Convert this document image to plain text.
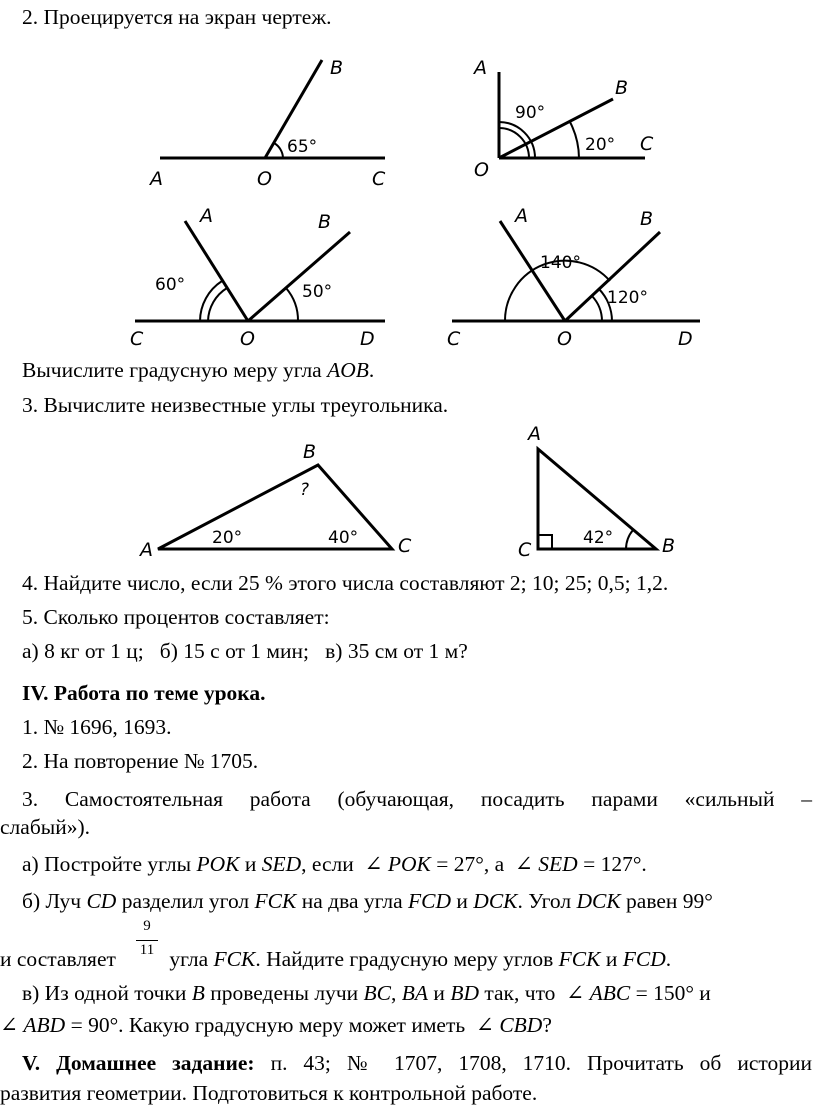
2. Проецируется на экран чертеж.
A	O	C
B
65°
A
B
C
O
90°
20°
A	B
C	O	D
60°	50°
A	B
C	O	D
140°
120°
A
B
C
20°	40°
?
A
B
C
42°
Вычислите градусную меру угла AOB.
3. Вычислите неизвестные углы треугольника.
4. Найдите число, если 25 % этого числа составляют 2; 10; 25; 0,5; 1,2.
5. Сколько процентов составляет:
а) 8 кг от 1 ц;   б) 15 с от 1 мин;   в) 35 см от 1 м?
IV. Работа по теме урока.
1. № 1696, 1693.
2. На повторение № 1705.
3. Самостоятельная работа (обучающая, посадить парами «сильный –
слабый»).
а) Постройте углы POK и SED, если  ∠ POK = 27°, а  ∠ SED = 127°.
б) Луч CD разделил угол FCK на два угла FCD и DCK. Угол DCK равен 99°
9
11
и составляет угла FCK. Найдите градусную меру углов FCK и FCD.
в) Из одной точки B проведены лучи BC, BA и BD так, что  ∠ ABC = 150° и
∠ ABD = 90°. Какую градусную меру может иметь  ∠ CBD?
V. Домашнее задание: п. 43; № 1707, 1708, 1710. Прочитать об истории
развития геометрии. Подготовиться к контрольной работе.
